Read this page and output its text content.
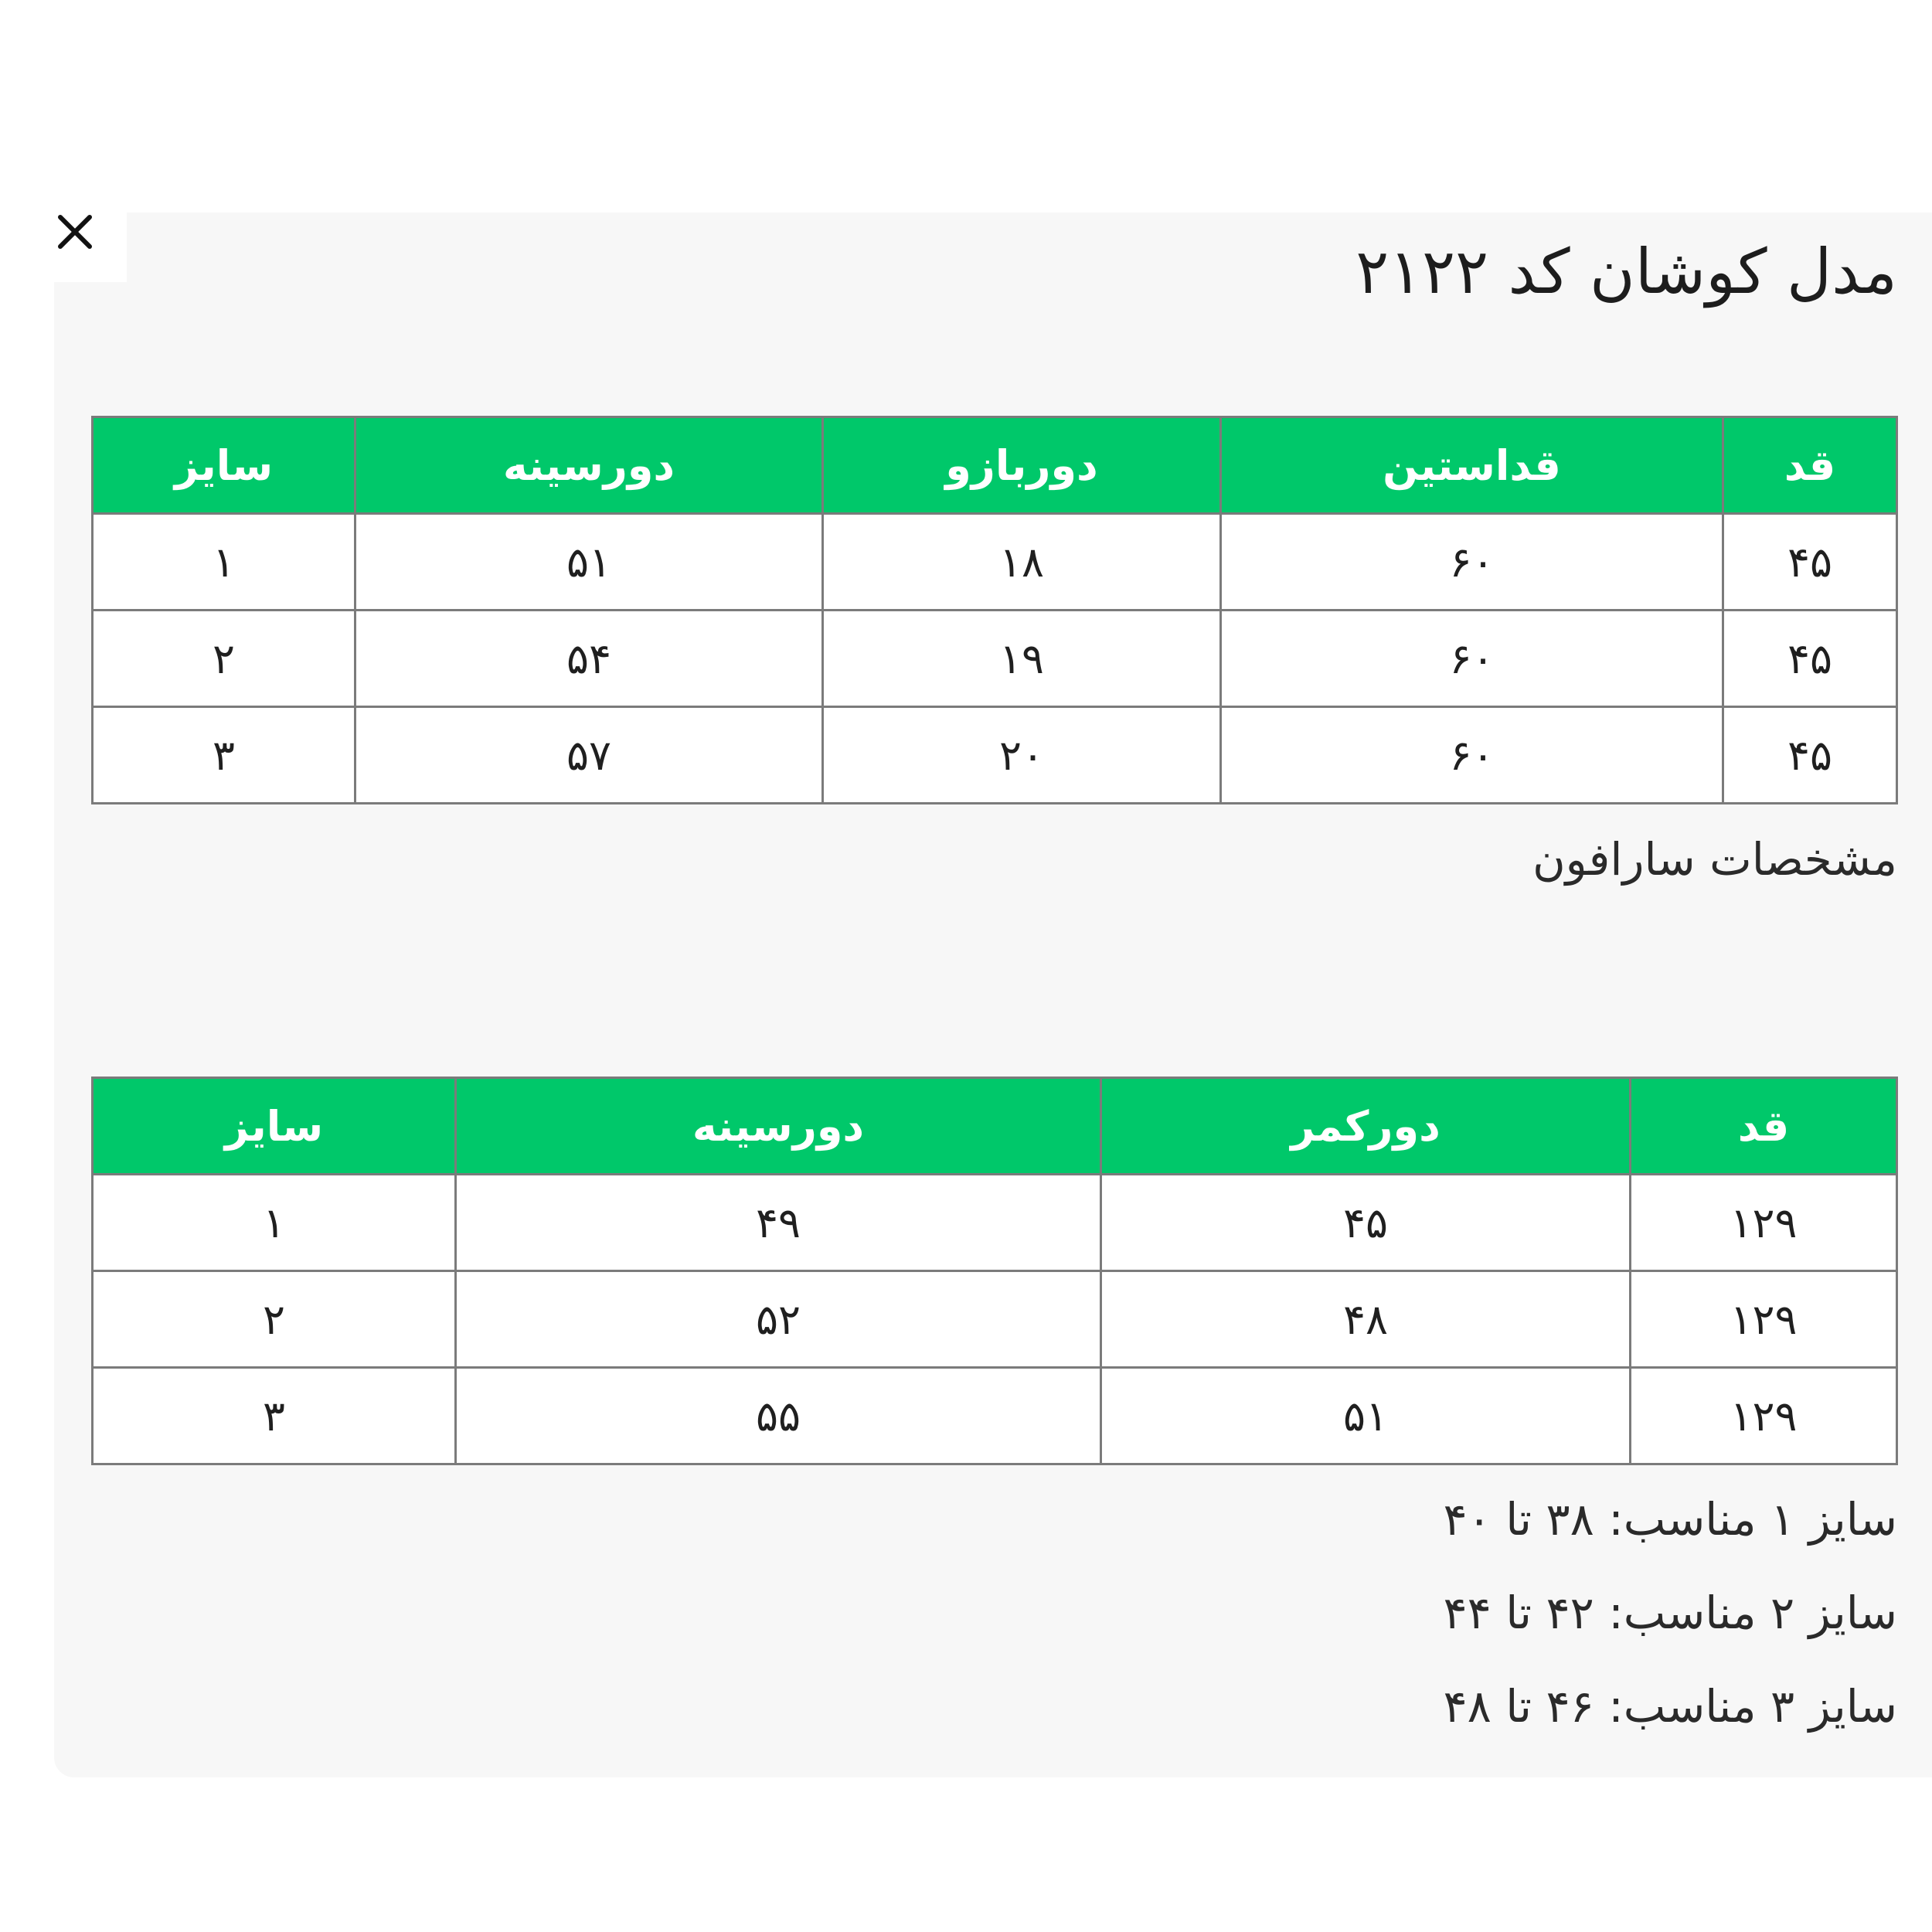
مدل کوشان کد ۲۱۲۲
قد	قداستین	دوربازو	دورسینه	سایز
۴۵	۶۰	۱۸	۵۱	۱
۴۵	۶۰	۱۹	۵۴	۲
۴۵	۶۰	۲۰	۵۷	۳

مشخصات سارافون

قد	دورکمر	دورسینه	سایز
۱۲۹	۴۵	۴۹	۱
۱۲۹	۴۸	۵۲	۲
۱۲۹	۵۱	۵۵	۳

سایز ۱ مناسب: ۳۸ تا ۴۰

سایز ۲ مناسب: ۴۲ تا ۴۴

سایز ۳ مناسب: ۴۶ تا ۴۸
